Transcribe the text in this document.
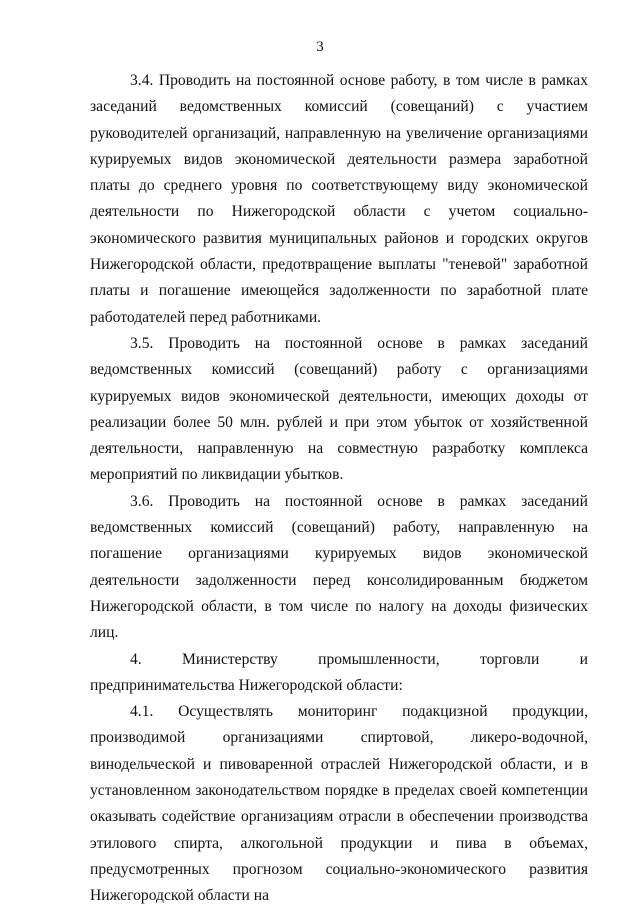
3

3.4. Проводить на постоянной основе работу, в том числе в рамках заседаний ведомственных комиссий (совещаний) с участием руководителей организаций, направленную на увеличение организациями курируемых видов экономической деятельности размера заработной платы до среднего уровня по соответствующему виду экономической деятельности по Нижегородской области с учетом социально-экономического развития муниципальных районов и городских округов Нижегородской области, предотвращение выплаты "теневой" заработной платы и погашение имеющейся задолженности по заработной плате работодателей перед работниками.

3.5. Проводить на постоянной основе в рамках заседаний ведомственных комиссий (совещаний) работу с организациями курируемых видов экономической деятельности, имеющих доходы от реализации более 50 млн. рублей и при этом убыток от хозяйственной деятельности, направленную на совместную разработку комплекса мероприятий по ликвидации убытков.

3.6. Проводить на постоянной основе в рамках заседаний ведомственных комиссий (совещаний) работу, направленную на погашение организациями курируемых видов экономической деятельности задолженности перед консолидированным бюджетом Нижегородской области, в том числе по налогу на доходы физических лиц.

4. Министерству промышленности, торговли и предпринимательства Нижегородской области:

4.1. Осуществлять мониторинг подакцизной продукции, производимой организациями спиртовой, ликеро-водочной, винодельческой и пивоваренной отраслей Нижегородской области, и в установленном законодательством порядке в пределах своей компетенции оказывать содействие организациям отрасли в обеспечении производства этилового спирта, алкогольной продукции и пива в объемах, предусмотренных прогнозом социально-экономического развития Нижегородской области на
